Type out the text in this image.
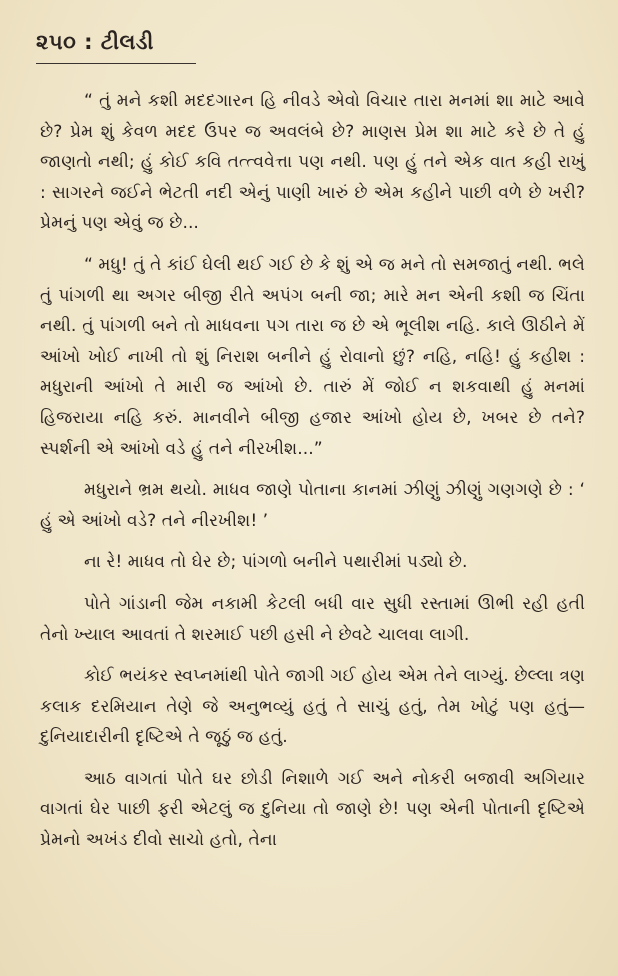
૨૫૦ : ટીલડી

“ તું મને કશી મદદગારન હિ નીવડે એવો વિચાર તારા મનમાં શા માટે આવે છે? પ્રેમ શું કેવળ મદદ ઉપર જ અવલંબે છે? માણસ પ્રેમ શા માટે કરે છે તે હું જાણતો નથી; હું કોઈ કવિ તત્ત્વવેત્તા પણ નથી. પણ હું તને એક વાત કહી રાખું : સાગરને જઈને ભેટતી નદી એનું પાણી ખારું છે એમ કહીને પાછી વળે છે ખરી? પ્રેમનું પણ એવું જ છે...

“ મધુ! તું તે કાંઈ ઘેલી થઈ ગઈ છે કે શું એ જ મને તો સમજાતું નથી. ભલે તું પાંગળી થા અગર બીજી રીતે અપંગ બની જા; મારે મન એની કશી જ ચિંતા નથી. તું પાંગળી બને તો માધવના પગ તારા જ છે એ ભૂલીશ નહિ. કાલે ઊઠીને મેં આંખો ખોઈ નાખી તો શું નિરાશ બનીને હું રોવાનો છું? નહિ, નહિ! હું કહીશ : મધુરાની આંખો તે મારી જ આંખો છે. તારું મેં જોઈ ન શકવાથી હું મનમાં હિજરાયા નહિ કરું. માનવીને બીજી હજાર આંખો હોય છે, ખબર છે તને? સ્પર્શની એ આંખો વડે હું તને નીરખીશ...”

મધુરાને ભ્રમ થયો. માધવ જાણે પોતાના કાનમાં ઝીણું ઝીણું ગણગણે છે : ‘ હું એ આંખો વડે? તને નીરખીશ! ’

ના રે! માધવ તો ઘેર છે; પાંગળો બનીને પથારીમાં પડ્યો છે.

પોતે ગાંડાની જેમ નકામી કેટલી બધી વાર સુધી રસ્તામાં ઊભી રહી હતી તેનો ખ્યાલ આવતાં તે શરમાઈ પછી હસી ને છેવટે ચાલવા લાગી.

કોઈ ભયંકર સ્વપ્નમાંથી પોતે જાગી ગઈ હોય એમ તેને લાગ્યું. છેલ્લા ત્રણ કલાક દરમિયાન તેણે જે અનુભવ્યું હતું તે સાચું હતું, તેમ ખોટું પણ હતું—દુનિયાદારીની દૃષ્ટિએ તે જૂઠું જ હતું.

આઠ વાગતાં પોતે ઘર છોડી નિશાળે ગઈ અને નોકરી બજાવી અગિયાર વાગતાં ઘેર પાછી ફરી એટલું જ દુનિયા તો જાણે છે! પણ એની પોતાની દૃષ્ટિએ પ્રેમનો અખંડ દીવો સાચો હતો, તેના
